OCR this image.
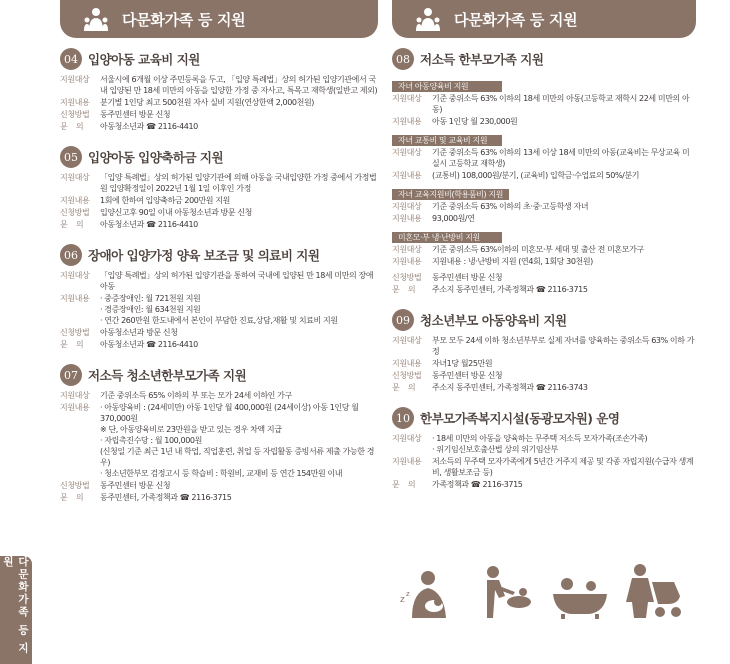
다문화가족 등 지원
04 입양아동 교육비 지원
지원대상	서울시에 6개월 이상 주민등록을 두고, 「입양 특례법」상의 허가된 입양기관에서 국내 입양된 만 18세 미만의 아동을 입양한 가정 중 자사고, 특목고 재학생(일반고 제외)

지원내용	분기별 1인당 최고 500천원 자사 실비 지원(연상한액 2,000천원)

신청방법	동주민센터 방문 신청

문    의	아동청소년과 ☎ 2116-4410

05 입양아동 입양축하금 지원
지원대상	「입양 특례법」상의 허가된 입양기관에 의해 아동을 국내입양한 가정 중에서 가정법원 입양확정일이 2022년 1월 1일 이후인 가정

지원내용	1회에 한하여 입양축하금 200만원 지원

신청방법	입양신고후 90일 이내 아동청소년과 방문 신청

문    의	아동청소년과 ☎ 2116-4410

06 장애아 입양가정 양육 보조금 및 의료비 지원
지원대상	「입양 특례법」상의 허가된 입양기관을 통하여 국내에 입양된 만 18세 미만의 장애아동

지원내용	· 중증장애인: 월 721천원 지원

· 경증장애인: 월 634천원 지원

· 연간 260만원 한도내에서 본인이 부담한 진료,상담,재활 및 치료비 지원

신청방법	아동청소년과 방문 신청

문    의	아동청소년과 ☎ 2116-4410

07 저소득 청소년한부모가족 지원
지원대상	기준 중위소득 65% 이하의 부 또는 모가 24세 이하인 가구

지원내용	· 아동양육비 : (24세미만) 아동 1인당 월 400,000원 (24세이상) 아동 1인당 월 370,000원

※ 단, 아동양육비로 23만원을 받고 있는 경우 차액 지급

· 자립촉진수당 : 월 100,000원

(신청일 기준 최근 1년 내 학업, 직업훈련, 취업 등 자립활동 증빙서류 제출 가능한 경우)

· 청소년한부모 검정고시 등 학습비 : 학원비, 교재비 등 연간 154만원 이내

신청방법	동주민센터 방문 신청

문    의	동주민센터, 가족정책과 ☎ 2116-3715

다문화가족 등 지원
08 저소득 한부모가족 지원
자녀 아동양육비 지원
지원대상	기준 중위소득 63% 이하의 18세 미만의 아동(고등학교 재학시 22세 미만의 아동)

지원내용	아동 1인당 월 230,000원

자녀 교통비 및 교육비 지원
지원대상	기준 중위소득 63% 이하의 13세 이상 18세 미만의 아동(교육비는 무상교육 미실시 고등학교 재학생)

지원내용	(교통비) 108,000원/분기, (교육비) 입학금·수업료의 50%/분기

자녀 교육지원비(학용품비) 지원
지원대상	기준 중위소득 63% 이하의 초·중·고등학생 자녀

지원내용	93,000원/연

미혼모·부 냉·난방비 지원
지원대상	기준 중위소득 63%이하의 미혼모·부 세대 및 출산 전 미혼모가구

지원내용	지원내용 : 냉·난방비 지원 (연4회, 1회당 30천원)

신청방법	동주민센터 방문 신청

문    의	주소지 동주민센터, 가족정책과 ☎ 2116-3715

09 청소년부모 아동양육비 지원
지원대상	부모 모두 24세 이하 청소년부부로 실제 자녀를 양육하는 중위소득 63% 이하 가정

지원내용	자녀1당 월25만원

신청방법	동주민센터 방문 신청

문    의	주소지 동주민센터, 가족정책과 ☎ 2116-3743

10 한부모가족복지시설(동광모자원) 운영
지원대상	· 18세 미만의 아동을 양육하는 무주택 저소득 모자가족(조손가족)

· 위기임신보호출산법 상의 위기임산부

지원내용	저소득의 무주택 모자가족에게 5년간 거주지 제공 및 각종 자립지원(수급자 생계비, 생활보조금 등)

문    의	가족정책과 ☎ 2116-3715

다문화가족 등 지원
z
z
